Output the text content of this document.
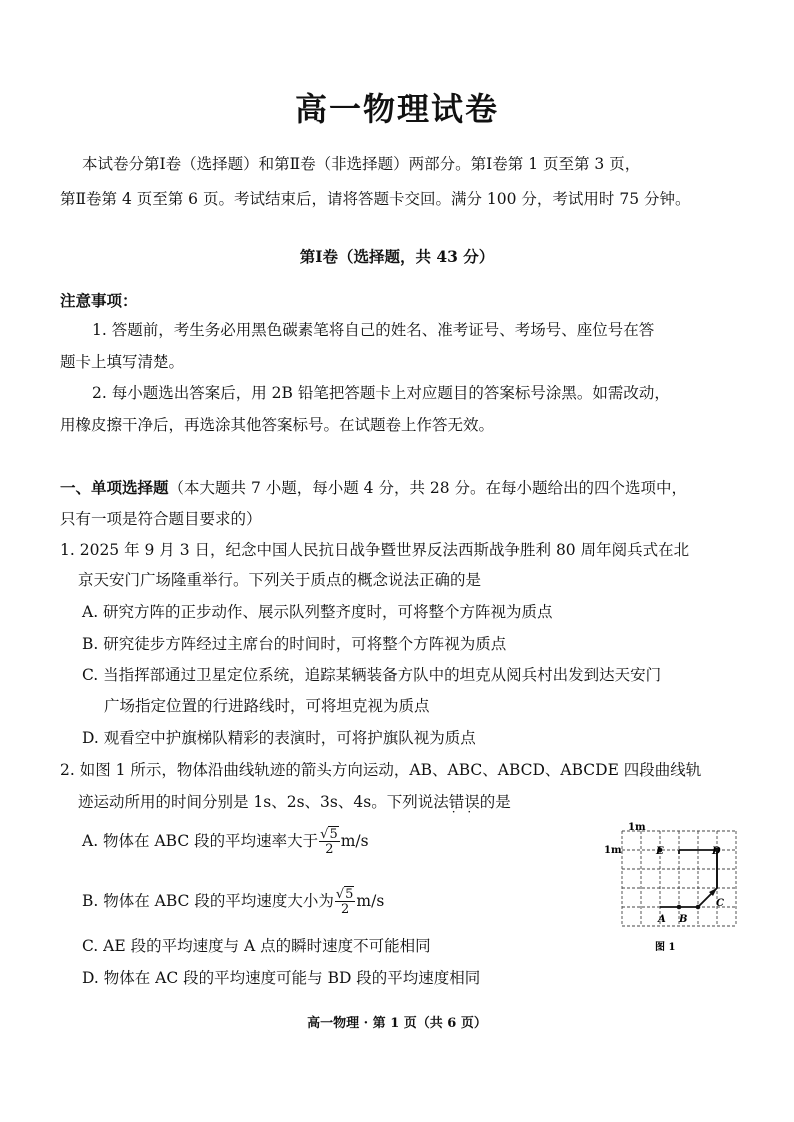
高一物理试卷
本试卷分第Ⅰ卷（选择题）和第Ⅱ卷（非选择题）两部分。第Ⅰ卷第 1 页至第 3 页，
第Ⅱ卷第 4 页至第 6 页。考试结束后，请将答题卡交回。满分 100 分，考试用时 75 分钟。
第Ⅰ卷（选择题，共 43 分）
注意事项：
1. 答题前，考生务必用黑色碳素笔将自己的姓名、准考证号、考场号、座位号在答
题卡上填写清楚。
2. 每小题选出答案后，用 2B 铅笔把答题卡上对应题目的答案标号涂黑。如需改动，
用橡皮擦干净后，再选涂其他答案标号。在试题卷上作答无效。
一、单项选择题（本大题共 7 小题，每小题 4 分，共 28 分。在每小题给出的四个选项中，
只有一项是符合题目要求的）
1. 2025 年 9 月 3 日，纪念中国人民抗日战争暨世界反法西斯战争胜利 80 周年阅兵式在北
京天安门广场隆重举行。下列关于质点的概念说法正确的是
A. 研究方阵的正步动作、展示队列整齐度时，可将整个方阵视为质点
B. 研究徒步方阵经过主席台的时间时，可将整个方阵视为质点
C. 当指挥部通过卫星定位系统，追踪某辆装备方队中的坦克从阅兵村出发到达天安门
广场指定位置的行进路线时，可将坦克视为质点
D. 观看空中护旗梯队精彩的表演时，可将护旗队视为质点
2. 如图 1 所示，物体沿曲线轨迹的箭头方向运动，AB、ABC、ABCD、ABCDE 四段曲线轨
迹运动所用的时间分别是 1s、2s、3s、4s。下列说法错误 · ·的是
A. 物体在 ABC 段的平均速率大于 $\frac{√5}{2} m/s$
B. 物体在 ABC 段的平均速度大小为 $\frac{√5}{2} m/s$
C. AE 段的平均速度与 A 点的瞬时速度不可能相同
D. 物体在 AC 段的平均速度可能与 BD 段的平均速度相同
1m
1m	E	D
C
A B
图 1
高一物理 · 第 1 页（共 6 页）
